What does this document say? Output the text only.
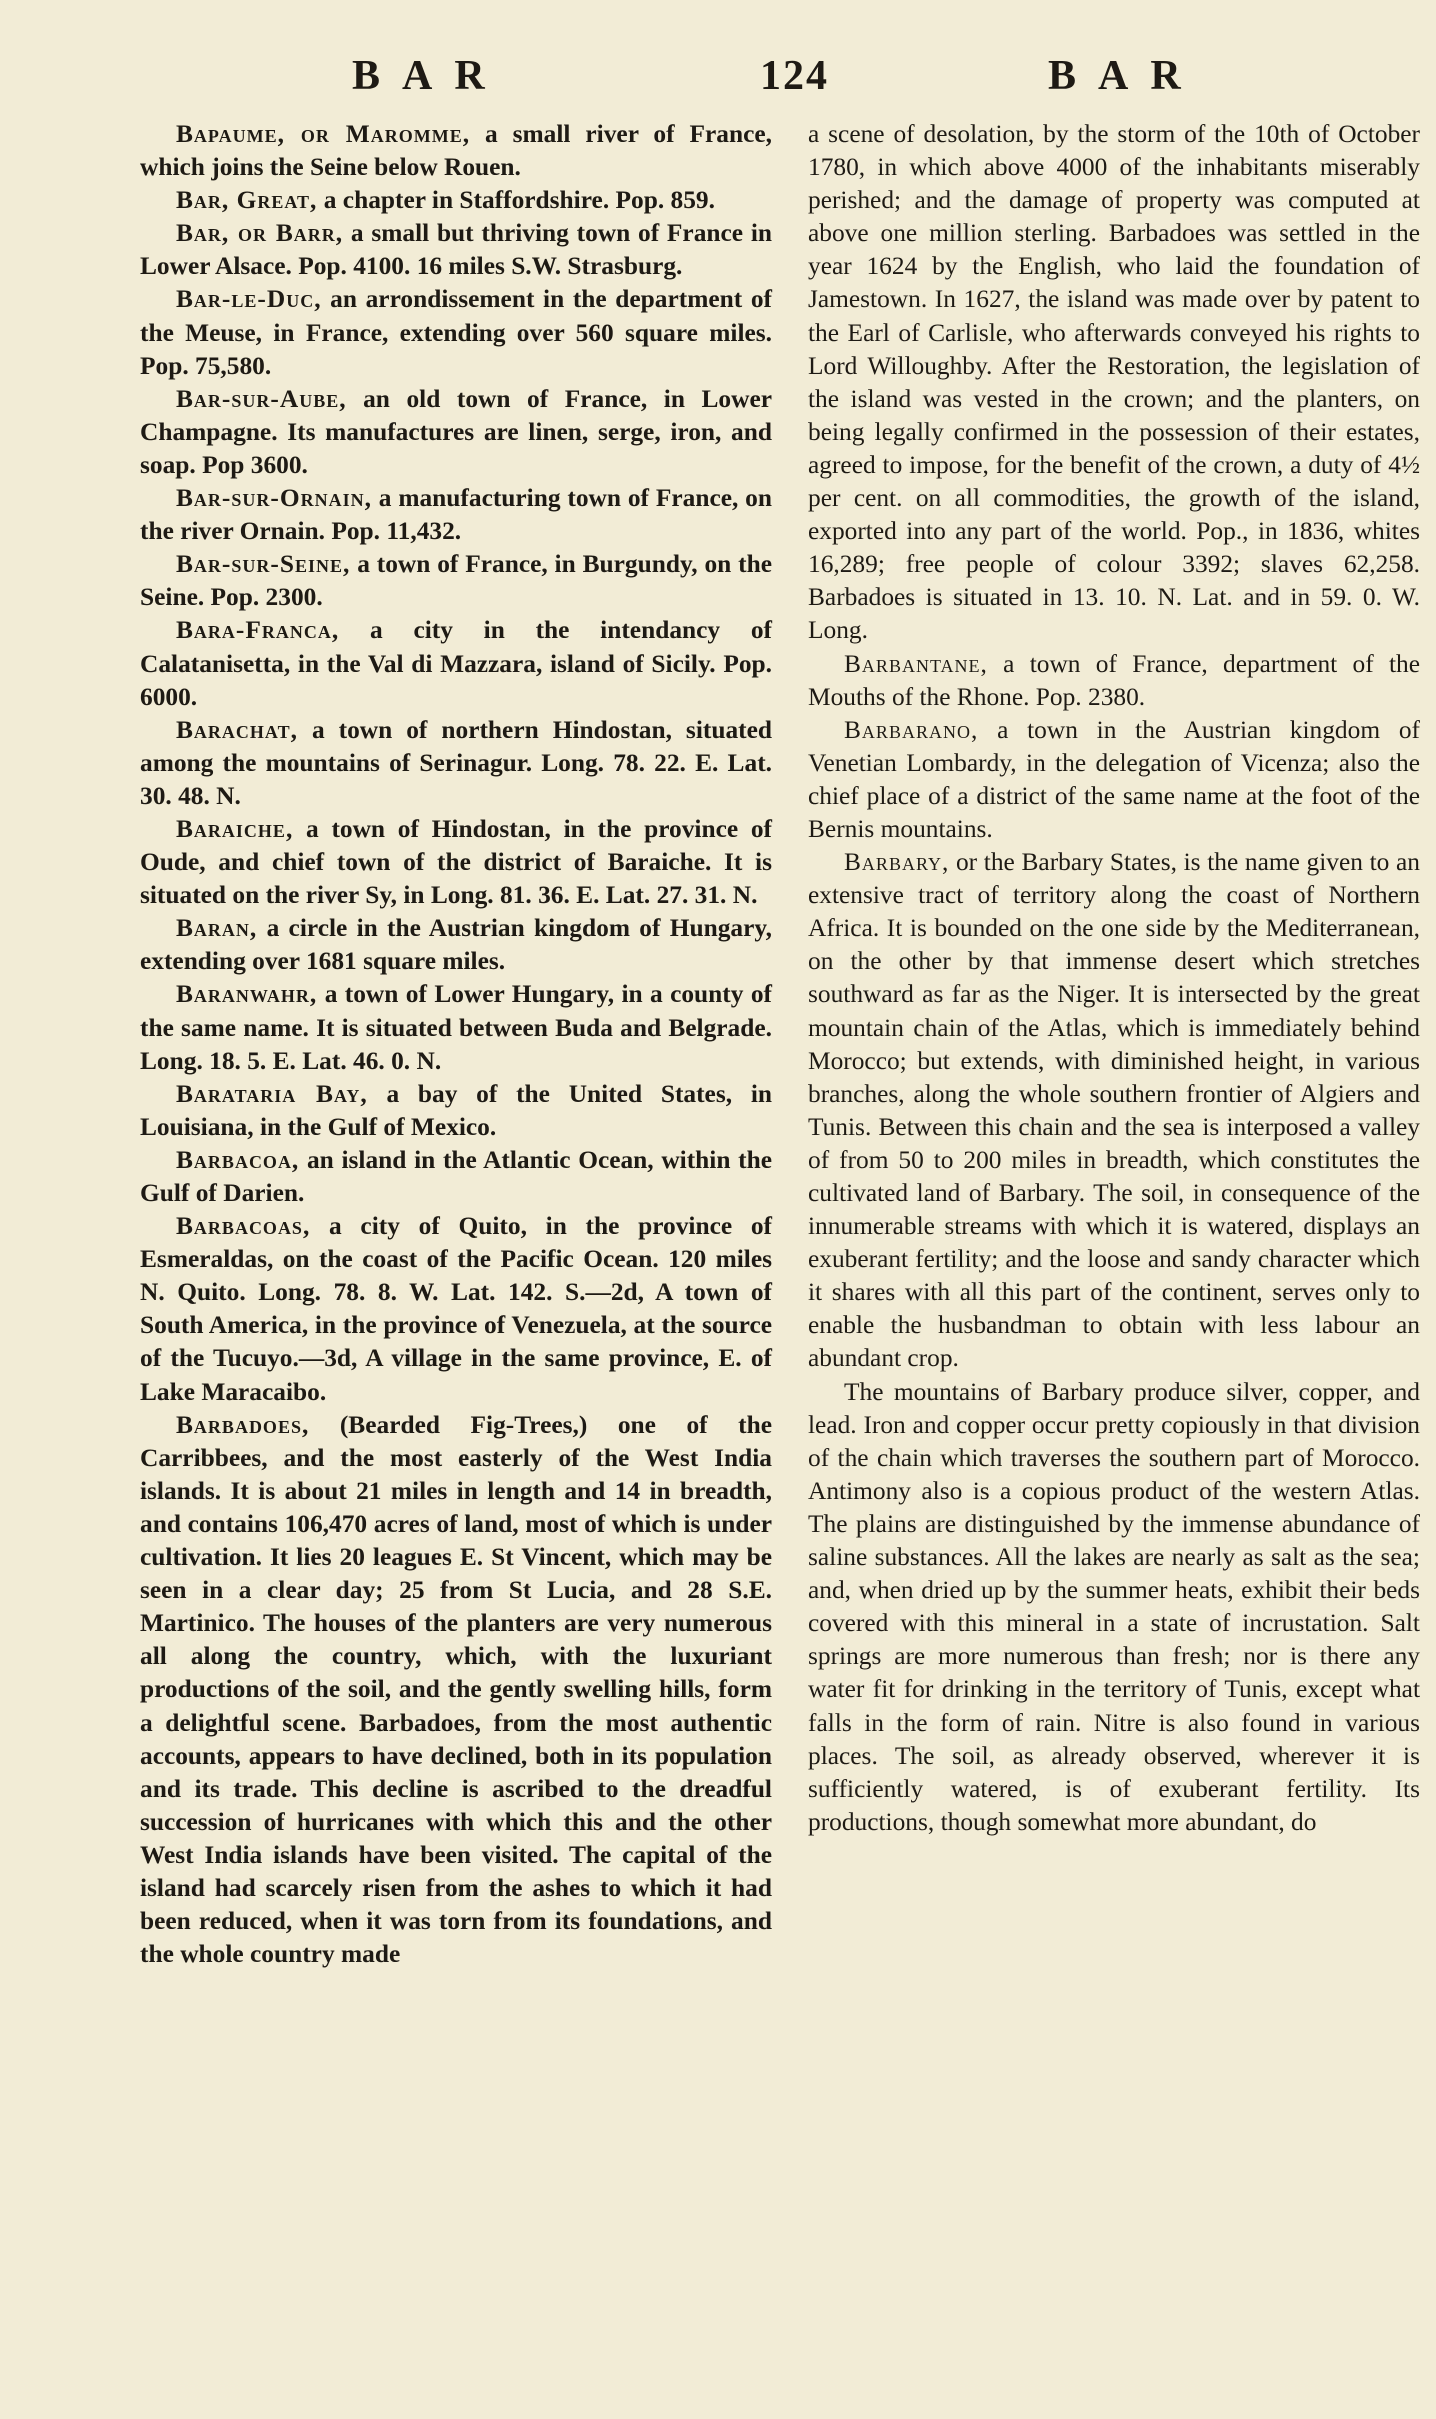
BAR	124	BAR

Bapaume, or Maromme, a small river of France, which joins the Seine below Rouen.

Bar, Great, a chapter in Staffordshire. Pop. 859.

Bar, or Barr, a small but thriving town of France in Lower Alsace. Pop. 4100. 16 miles S.W. Strasburg.

Bar-le-Duc, an arrondissement in the department of the Meuse, in France, extending over 560 square miles. Pop. 75,580.

Bar-sur-Aube, an old town of France, in Lower Champagne. Its manufactures are linen, serge, iron, and soap. Pop 3600.

Bar-sur-Ornain, a manufacturing town of France, on the river Ornain. Pop. 11,432.

Bar-sur-Seine, a town of France, in Burgundy, on the Seine. Pop. 2300.

Bara-Franca, a city in the intendancy of Calatanisetta, in the Val di Mazzara, island of Sicily. Pop. 6000.

Barachat, a town of northern Hindostan, situated among the mountains of Serinagur. Long. 78. 22. E. Lat. 30. 48. N.

Baraiche, a town of Hindostan, in the province of Oude, and chief town of the district of Baraiche. It is situated on the river Sy, in Long. 81. 36. E. Lat. 27. 31. N.

Baran, a circle in the Austrian kingdom of Hungary, extending over 1681 square miles.

Baranwahr, a town of Lower Hungary, in a county of the same name. It is situated between Buda and Belgrade. Long. 18. 5. E. Lat. 46. 0. N.

Barataria Bay, a bay of the United States, in Louisiana, in the Gulf of Mexico.

Barbacoa, an island in the Atlantic Ocean, within the Gulf of Darien.

Barbacoas, a city of Quito, in the province of Esmeraldas, on the coast of the Pacific Ocean. 120 miles N. Quito. Long. 78. 8. W. Lat. 142. S.—2d, A town of South America, in the province of Venezuela, at the source of the Tucuyo.—3d, A village in the same province, E. of Lake Maracaibo.

Barbadoes, (Bearded Fig-Trees,) one of the Carribbees, and the most easterly of the West India islands. It is about 21 miles in length and 14 in breadth, and contains 106,470 acres of land, most of which is under cultivation. It lies 20 leagues E. St Vincent, which may be seen in a clear day; 25 from St Lucia, and 28 S.E. Martinico. The houses of the planters are very numerous all along the country, which, with the luxuriant productions of the soil, and the gently swelling hills, form a delightful scene. Barbadoes, from the most authentic accounts, appears to have declined, both in its population and its trade. This decline is ascribed to the dreadful succession of hurricanes with which this and the other West India islands have been visited. The capital of the island had scarcely risen from the ashes to which it had been reduced, when it was torn from its foundations, and the whole country made

a scene of desolation, by the storm of the 10th of October 1780, in which above 4000 of the inhabitants miserably perished; and the damage of property was computed at above one million sterling. Barbadoes was settled in the year 1624 by the English, who laid the foundation of Jamestown. In 1627, the island was made over by patent to the Earl of Carlisle, who afterwards conveyed his rights to Lord Willoughby. After the Restoration, the legislation of the island was vested in the crown; and the planters, on being legally confirmed in the possession of their estates, agreed to impose, for the benefit of the crown, a duty of 4½ per cent. on all commodities, the growth of the island, exported into any part of the world. Pop., in 1836, whites 16,289; free people of colour 3392; slaves 62,258. Barbadoes is situated in 13. 10. N. Lat. and in 59. 0. W. Long.

Barbantane, a town of France, department of the Mouths of the Rhone. Pop. 2380.

Barbarano, a town in the Austrian kingdom of Venetian Lombardy, in the delegation of Vicenza; also the chief place of a district of the same name at the foot of the Bernis mountains.

Barbary, or the Barbary States, is the name given to an extensive tract of territory along the coast of Northern Africa. It is bounded on the one side by the Mediterranean, on the other by that immense desert which stretches southward as far as the Niger. It is intersected by the great mountain chain of the Atlas, which is immediately behind Morocco; but extends, with diminished height, in various branches, along the whole southern frontier of Algiers and Tunis. Between this chain and the sea is interposed a valley of from 50 to 200 miles in breadth, which constitutes the cultivated land of Barbary. The soil, in consequence of the innumerable streams with which it is watered, displays an exuberant fertility; and the loose and sandy character which it shares with all this part of the continent, serves only to enable the husbandman to obtain with less labour an abundant crop.

The mountains of Barbary produce silver, copper, and lead. Iron and copper occur pretty copiously in that division of the chain which traverses the southern part of Morocco. Antimony also is a copious product of the western Atlas. The plains are distinguished by the immense abundance of saline substances. All the lakes are nearly as salt as the sea; and, when dried up by the summer heats, exhibit their beds covered with this mineral in a state of incrustation. Salt springs are more numerous than fresh; nor is there any water fit for drinking in the territory of Tunis, except what falls in the form of rain. Nitre is also found in various places. The soil, as already observed, wherever it is sufficiently watered, is of exuberant fertility. Its productions, though somewhat more abundant, do
